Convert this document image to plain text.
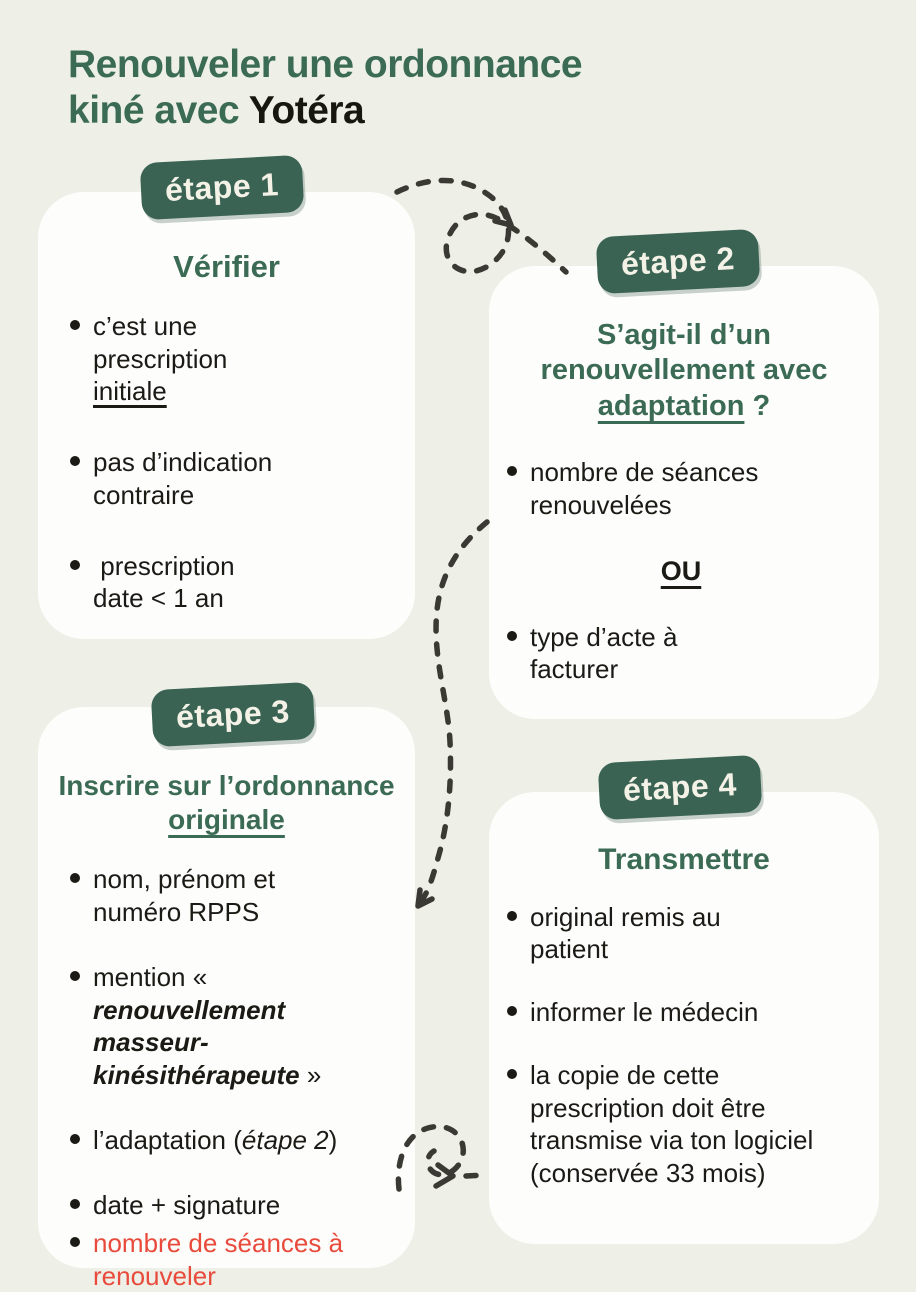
Renouveler une ordonnance
kiné avec Yotéra
étape 1
étape 2
étape 3
étape 4
Vérifier

c’est une prescription initiale

pas d’indication contraire

prescription date < 1 an

S’agit-il d’un renouvellement avec adaptation ?

nombre de séances renouvelées

OU

type d’acte à facturer

Inscrire sur l’ordonnance originale

nom, prénom et numéro RPPS

mention « renouvellement masseur-kinésithérapeute »

l’adaptation (étape 2)

date + signature

nombre de séances à renouveler

Transmettre

original remis au patient

informer le médecin

la copie de cette prescription doit être transmise via ton logiciel (conservée 33 mois)
